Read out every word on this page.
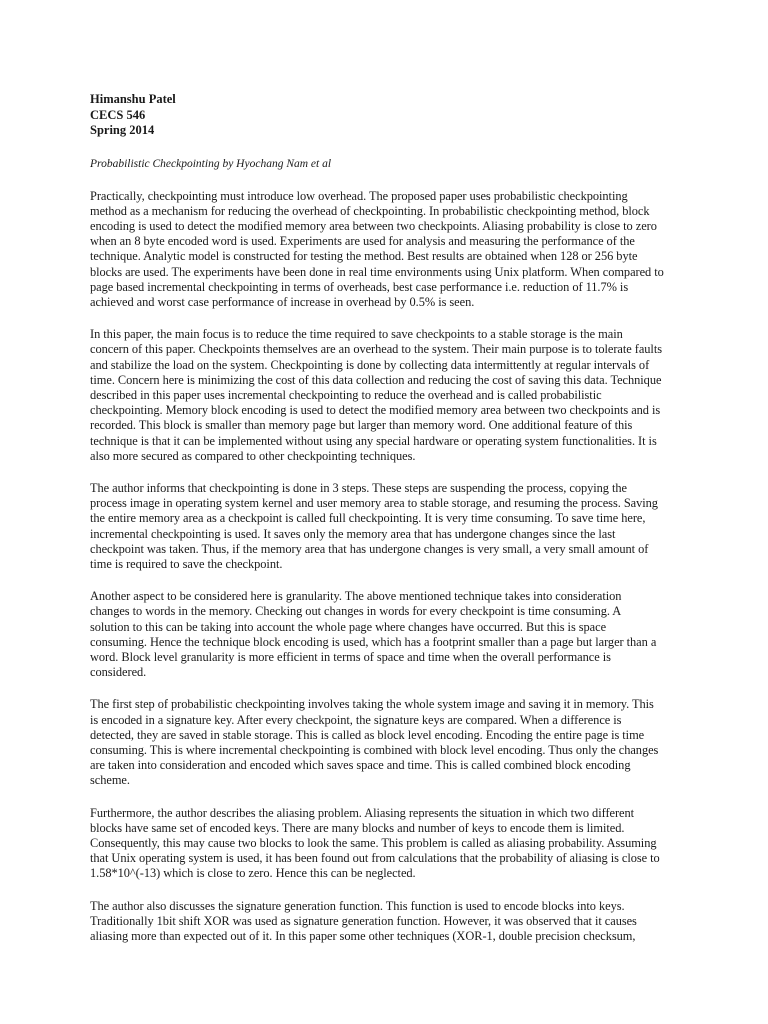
Himanshu Patel
CECS 546
Spring 2014
Probabilistic Checkpointing by Hyochang Nam et al

Practically, checkpointing must introduce low overhead. The proposed paper uses probabilistic checkpointing
method as a mechanism for reducing the overhead of checkpointing. In probabilistic checkpointing method, block
encoding is used to detect the modified memory area between two checkpoints. Aliasing probability is close to zero
when an 8 byte encoded word is used. Experiments are used for analysis and measuring the performance of the
technique. Analytic model is constructed for testing the method. Best results are obtained when 128 or 256 byte
blocks are used. The experiments have been done in real time environments using Unix platform. When compared to
page based incremental checkpointing in terms of overheads, best case performance i.e. reduction of 11.7% is
achieved and worst case performance of increase in overhead by 0.5% is seen.

In this paper, the main focus is to reduce the time required to save checkpoints to a stable storage is the main
concern of this paper. Checkpoints themselves are an overhead to the system. Their main purpose is to tolerate faults
and stabilize the load on the system. Checkpointing is done by collecting data intermittently at regular intervals of
time. Concern here is minimizing the cost of this data collection and reducing the cost of saving this data. Technique
described in this paper uses incremental checkpointing to reduce the overhead and is called probabilistic
checkpointing. Memory block encoding is used to detect the modified memory area between two checkpoints and is
recorded. This block is smaller than memory page but larger than memory word. One additional feature of this
technique is that it can be implemented without using any special hardware or operating system functionalities. It is
also more secured as compared to other checkpointing techniques.

The author informs that checkpointing is done in 3 steps. These steps are suspending the process, copying the
process image in operating system kernel and user memory area to stable storage, and resuming the process. Saving
the entire memory area as a checkpoint is called full checkpointing. It is very time consuming. To save time here,
incremental checkpointing is used. It saves only the memory area that has undergone changes since the last
checkpoint was taken. Thus, if the memory area that has undergone changes is very small, a very small amount of
time is required to save the checkpoint.

Another aspect to be considered here is granularity. The above mentioned technique takes into consideration
changes to words in the memory. Checking out changes in words for every checkpoint is time consuming. A
solution to this can be taking into account the whole page where changes have occurred. But this is space
consuming. Hence the technique block encoding is used, which has a footprint smaller than a page but larger than a
word. Block level granularity is more efficient in terms of space and time when the overall performance is
considered.

The first step of probabilistic checkpointing involves taking the whole system image and saving it in memory. This
is encoded in a signature key. After every checkpoint, the signature keys are compared. When a difference is
detected, they are saved in stable storage. This is called as block level encoding. Encoding the entire page is time
consuming. This is where incremental checkpointing is combined with block level encoding. Thus only the changes
are taken into consideration and encoded which saves space and time. This is called combined block encoding
scheme.

Furthermore, the author describes the aliasing problem. Aliasing represents the situation in which two different
blocks have same set of encoded keys. There are many blocks and number of keys to encode them is limited.
Consequently, this may cause two blocks to look the same. This problem is called as aliasing probability. Assuming
that Unix operating system is used, it has been found out from calculations that the probability of aliasing is close to
1.58*10^(-13) which is close to zero. Hence this can be neglected.

The author also discusses the signature generation function. This function is used to encode blocks into keys.
Traditionally 1bit shift XOR was used as signature generation function. However, it was observed that it causes
aliasing more than expected out of it. In this paper some other techniques (XOR-1, double precision checksum,
